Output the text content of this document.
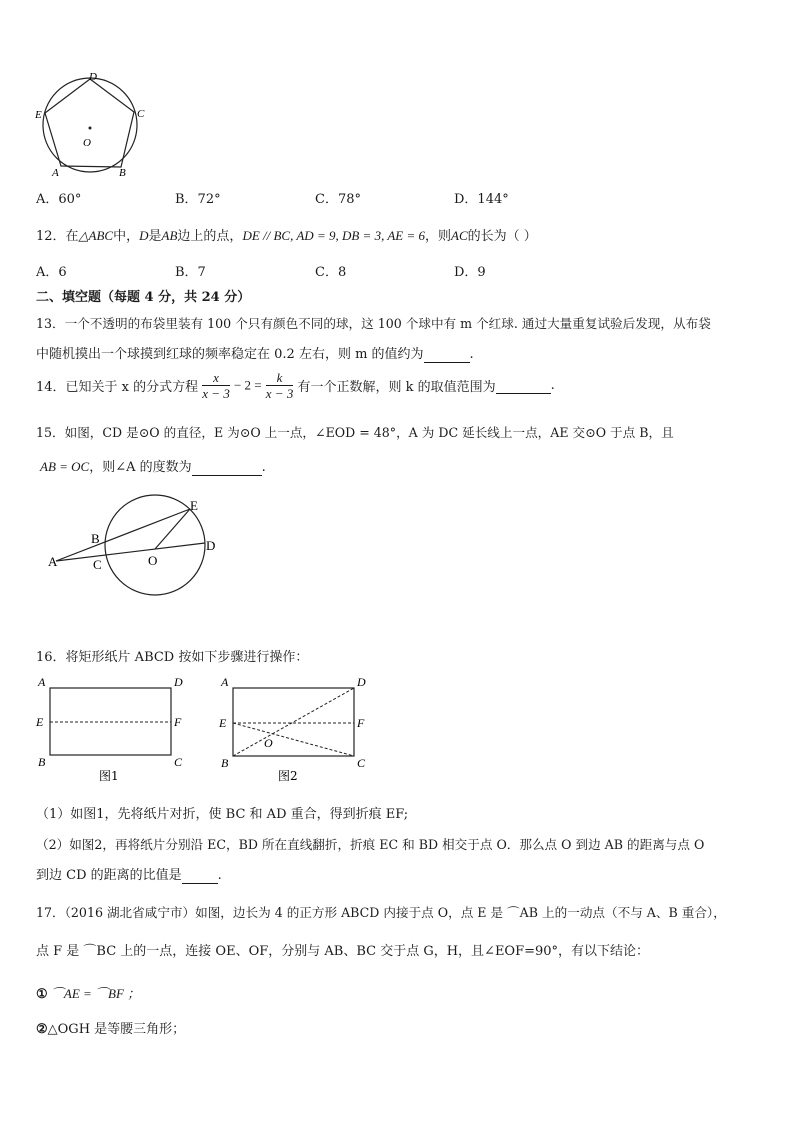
D
C
E
O
A	B
A．60°	B．72°	C．78°	D．144°
12．在△ABC中，D是AB边上的点，DE // BC, AD = 9, DB = 3, AE = 6，则AC的长为（ ）
A．6	B．7	C．8	D．9
二、填空题（每题 4 分，共 24 分）
13．一个不透明的布袋里装有 100 个只有颜色不同的球，这 100 个球中有 m 个红球. 通过大量重复试验后发现，从布袋
中随机摸出一个球摸到红球的频率稳定在 0.2 左右，则 m 的值约为	.
14．已知关于 x 的分式方程 $\frac{x}{x - 3} - 2 = \frac{k}{x - 3}$ 有一个正数解，则 k 的取值范围为	.
15．如图，CD 是⊙O 的直径，E 为⊙O 上一点，∠EOD = 48°，A 为 DC 延长线上一点，AE 交⊙O 于点 B，且
AB = OC，则∠A 的度数为	.
E
B	D
A	C	O
16．将矩形纸片 ABCD 按如下步骤进行操作：
A	D
E	F
B	C
图1
A	D
E	F
O
B	C
图2
（1）如图1，先将纸片对折，使 BC 和 AD 重合，得到折痕 EF;
（2）如图2，再将纸片分别沿 EC，BD 所在直线翻折，折痕 EC 和 BD 相交于点 O．那么点 O 到边 AB 的距离与点 O
到边 CD 的距离的比值是	.
17．（2016 湖北省咸宁市）如图，边长为 4 的正方形 ABCD 内接于点 O，点 E 是 ⌒AB 上的一动点（不与 A、B 重合），
点 F 是 ⌒BC 上的一点，连接 OE、OF，分别与 AB、BC 交于点 G，H，且∠EOF=90°，有以下结论：
① ⌒AE = ⌒BF ；
②△OGH 是等腰三角形；
